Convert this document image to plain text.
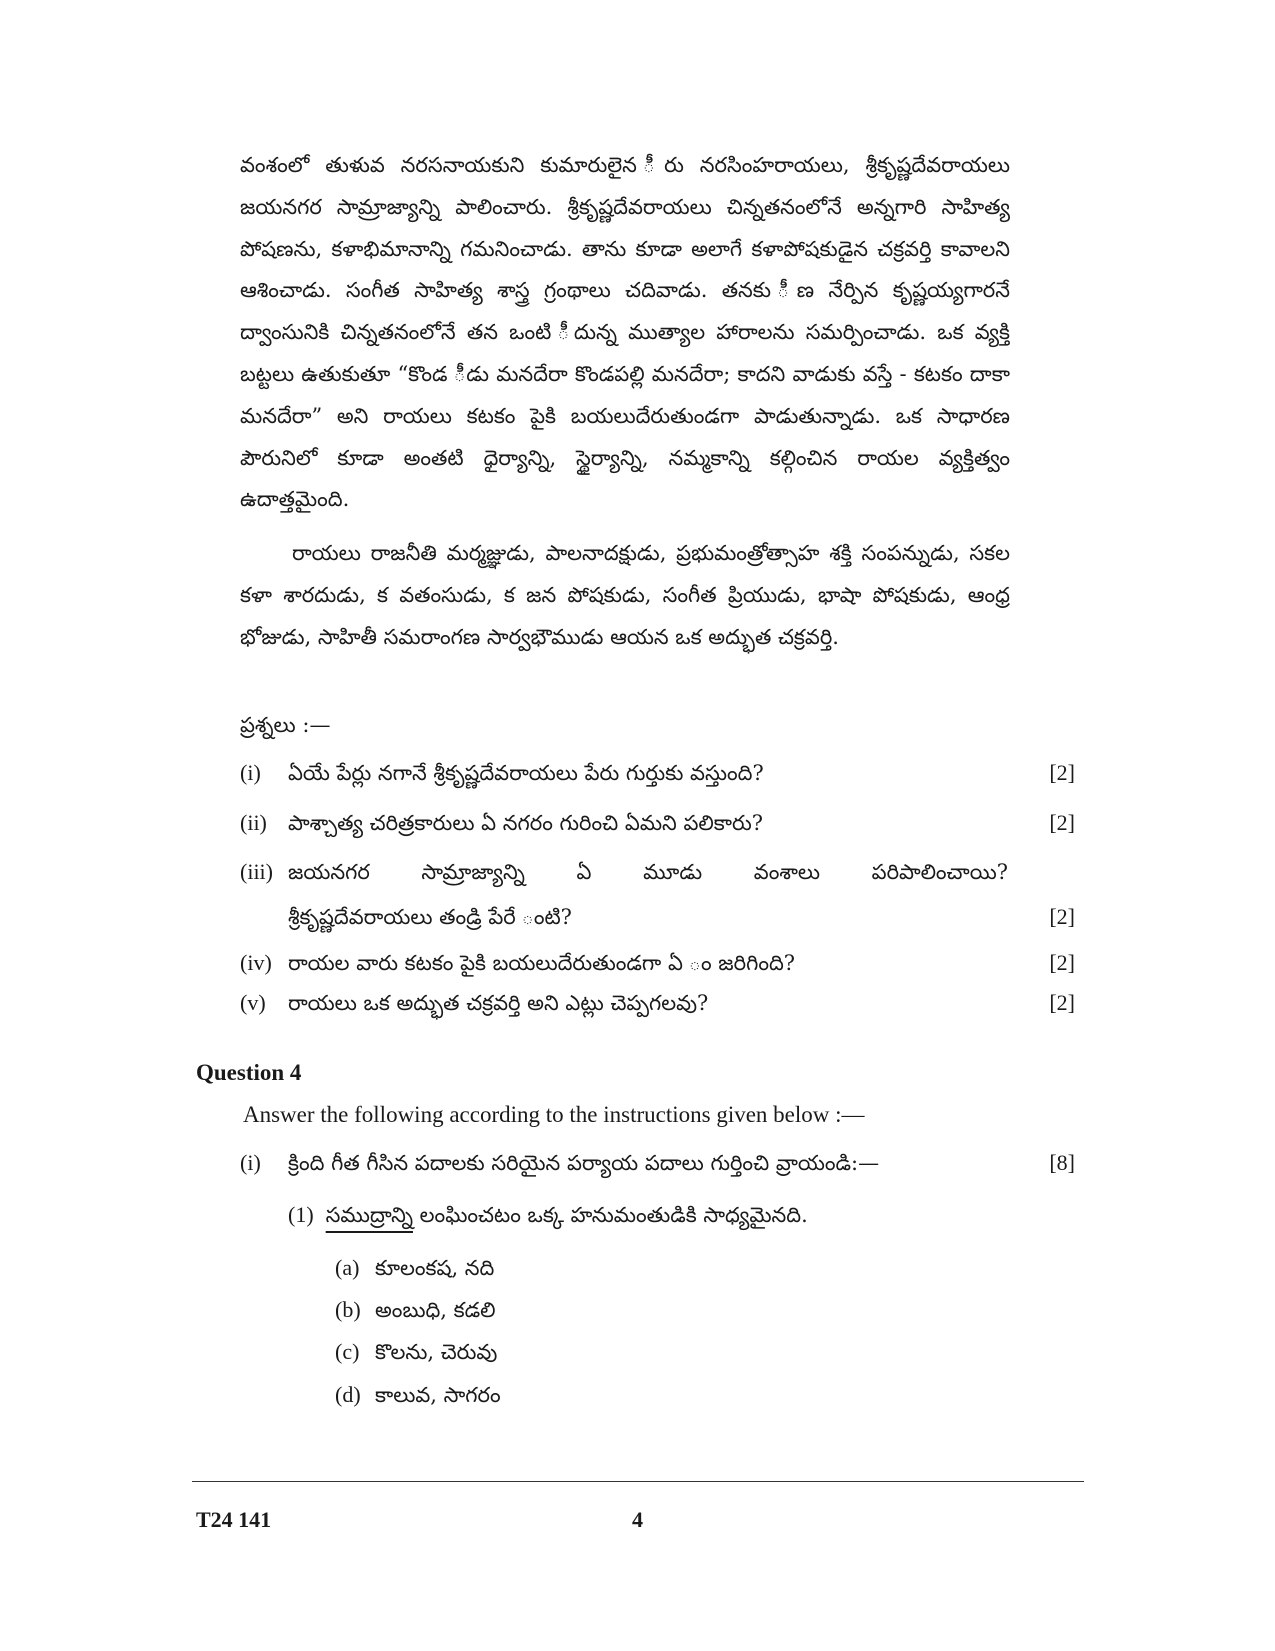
వంశంలో తుళువ నరసనాయకుని కుమారులైన ీరు నరసింహరాయలు, శ్రీకృష్ణదేవరాయలు జయనగర సామ్రాజ్యాన్ని పాలించారు. శ్రీకృష్ణదేవరాయలు చిన్నతనంలోనే అన్నగారి సాహిత్య పోషణను, కళాభిమానాన్ని గమనించాడు. తాను కూడా అలాగే కళాపోషకుడైన చక్రవర్తి కావాలని ఆశించాడు. సంగీత సాహిత్య శాస్త్ర గ్రంథాలు చదివాడు. తనకు ీణ నేర్పిన కృష్ణయ్యగారనే ద్వాంసునికి చిన్నతనంలోనే తన ఒంటి ీదున్న ముత్యాల హారాలను సమర్పించాడు. ఒక వ్యక్తి బట్టలు ఉతుకుతూ “కొండ ీడు మనదేరా కొండపల్లి మనదేరా; కాదని వాడుకు వస్తే - కటకం దాకా మనదేరా” అని రాయలు కటకం పైకి బయలుదేరుతుండగా పాడుతున్నాడు. ఒక సాధారణ పౌరునిలో కూడా అంతటి ధైర్యాన్ని, స్థైర్యాన్ని, నమ్మకాన్ని కల్గించిన రాయల వ్యక్తిత్వం ఉదాత్తమైంది.

రాయలు రాజనీతి మర్మజ్ఞుడు, పాలనాదక్షుడు, ప్రభుమంత్రోత్సాహ శక్తి సంపన్నుడు, సకల కళా శారదుడు, క వతంసుడు, క జన పోషకుడు, సంగీత ప్రియుడు, భాషా పోషకుడు, ఆంధ్ర భోజుడు, సాహితీ సమరాంగణ సార్వభౌముడు ఆయన ఒక అద్భుత చక్రవర్తి.

ప్రశ్నలు :—
(i) ఏయే పేర్లు నగానే శ్రీకృష్ణదేవరాయలు పేరు గుర్తుకు వస్తుంది?	[2]
(ii) పాశ్చాత్య చరిత్రకారులు ఏ నగరం గురించి ఏమని పలికారు?	[2]
(iii) జయనగర సామ్రాజ్యాన్ని ఏ మూడు వంశాలు పరిపాలించాయి?
శ్రీకృష్ణదేవరాయలు తండ్రి పేరే ంటి?	[2]
(iv) రాయల వారు కటకం పైకి బయలుదేరుతుండగా ఏ ం జరిగింది?	[2]
(v) రాయలు ఒక అద్భుత చక్రవర్తి అని ఎట్లు చెప్పగలవు?	[2]
Question 4
Answer the following according to the instructions given below :—
(i) క్రింది గీత గీసిన పదాలకు సరియైన పర్యాయ పదాలు గుర్తించి వ్రాయండి:—	[8]
(1) సముద్రాన్ని లంఘించటం ఒక్క హనుమంతుడికి సాధ్యమైనది.
(a) కూలంకష, నది
(b) అంబుధి, కడలి
(c) కొలను, చెరువు
(d) కాలువ, సాగరం
T24 141	4
